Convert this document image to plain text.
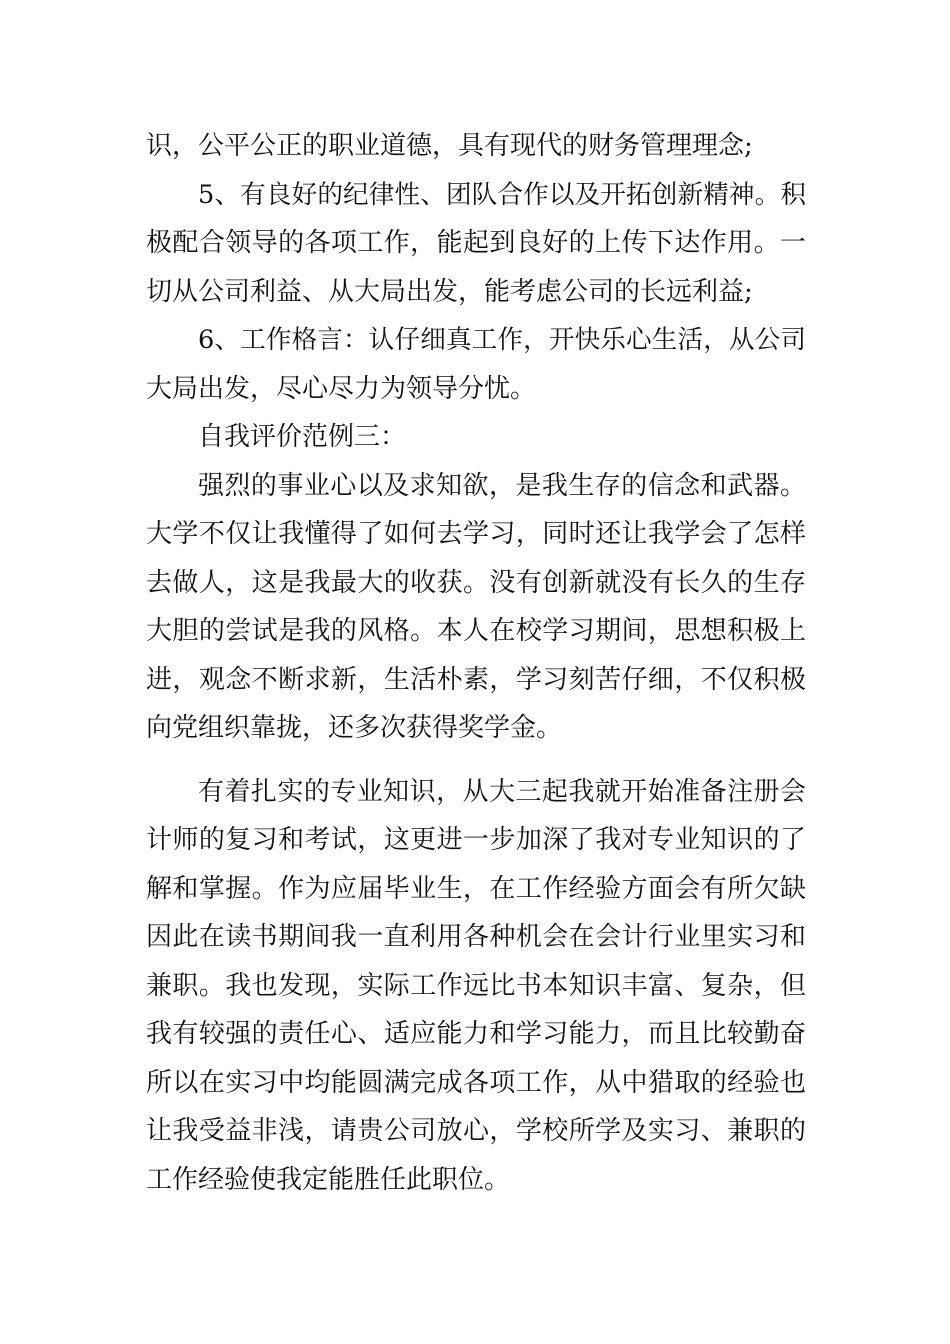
识，公平公正的职业道德，具有现代的财务管理理念;
5、有良好的纪律性、团队合作以及开拓创新精神。积
极配合领导的各项工作，能起到良好的上传下达作用。一
切从公司利益、从大局出发，能考虑公司的长远利益;
6、工作格言：认仔细真工作，开快乐心生活，从公司
大局出发，尽心尽力为领导分忧。
自我评价范例三：
强烈的事业心以及求知欲，是我生存的信念和武器。
大学不仅让我懂得了如何去学习，同时还让我学会了怎样
去做人，这是我最大的收获。没有创新就没有长久的生存
大胆的尝试是我的风格。本人在校学习期间，思想积极上
进，观念不断求新，生活朴素，学习刻苦仔细，不仅积极
向党组织靠拢，还多次获得奖学金。
有着扎实的专业知识，从大三起我就开始准备注册会
计师的复习和考试，这更进一步加深了我对专业知识的了
解和掌握。作为应届毕业生，在工作经验方面会有所欠缺
因此在读书期间我一直利用各种机会在会计行业里实习和
兼职。我也发现，实际工作远比书本知识丰富、复杂，但
我有较强的责任心、适应能力和学习能力，而且比较勤奋
所以在实习中均能圆满完成各项工作，从中猎取的经验也
让我受益非浅，请贵公司放心，学校所学及实习、兼职的
工作经验使我定能胜任此职位。
